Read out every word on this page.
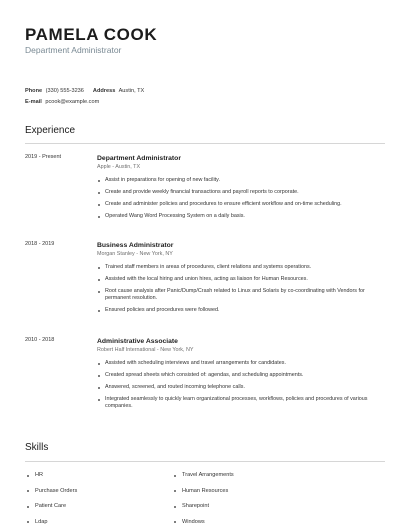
PAMELA COOK
Department Administrator
Phone (330) 555-3236 Address Austin, TX
E-mail pcook@example.com
Experience
2019 - Present	Department Administrator
Apple - Austin, TX
Assist in preparations for opening of new facility.
Create and provide weekly financial transactions and payroll reports to corporate.
Create and administer policies and procedures to ensure efficient workflow and on-time scheduling.
Operated Wang Word Processing System on a daily basis.
2018 - 2019	Business Administrator
Morgan Stanley - New York, NY
Trained staff members in areas of procedures, client relations and systems operations.
Assisted with the local hiring and union hires, acting as liaison for Human Resources.
Root cause analysis after Panic/Dump/Crash related to Linux and Solaris by co-coordinating with Vendors for permanent resolution.
Ensured policies and procedures were followed.
2010 - 2018	Administrative Associate
Robert Half International - New York, NY
Assisted with scheduling interviews and travel arrangements for candidates.
Created spread sheets which consisted of: agendas, and scheduling appointments.
Answered, screened, and routed incoming telephone calls.
Integrated seamlessly to quickly learn organizational processes, workflows, policies and procedures of various companies.
Skills
HR
Purchase Orders
Patient Care
Ldap
Travel Arrangements
Human Resources
Sharepoint
Windows
